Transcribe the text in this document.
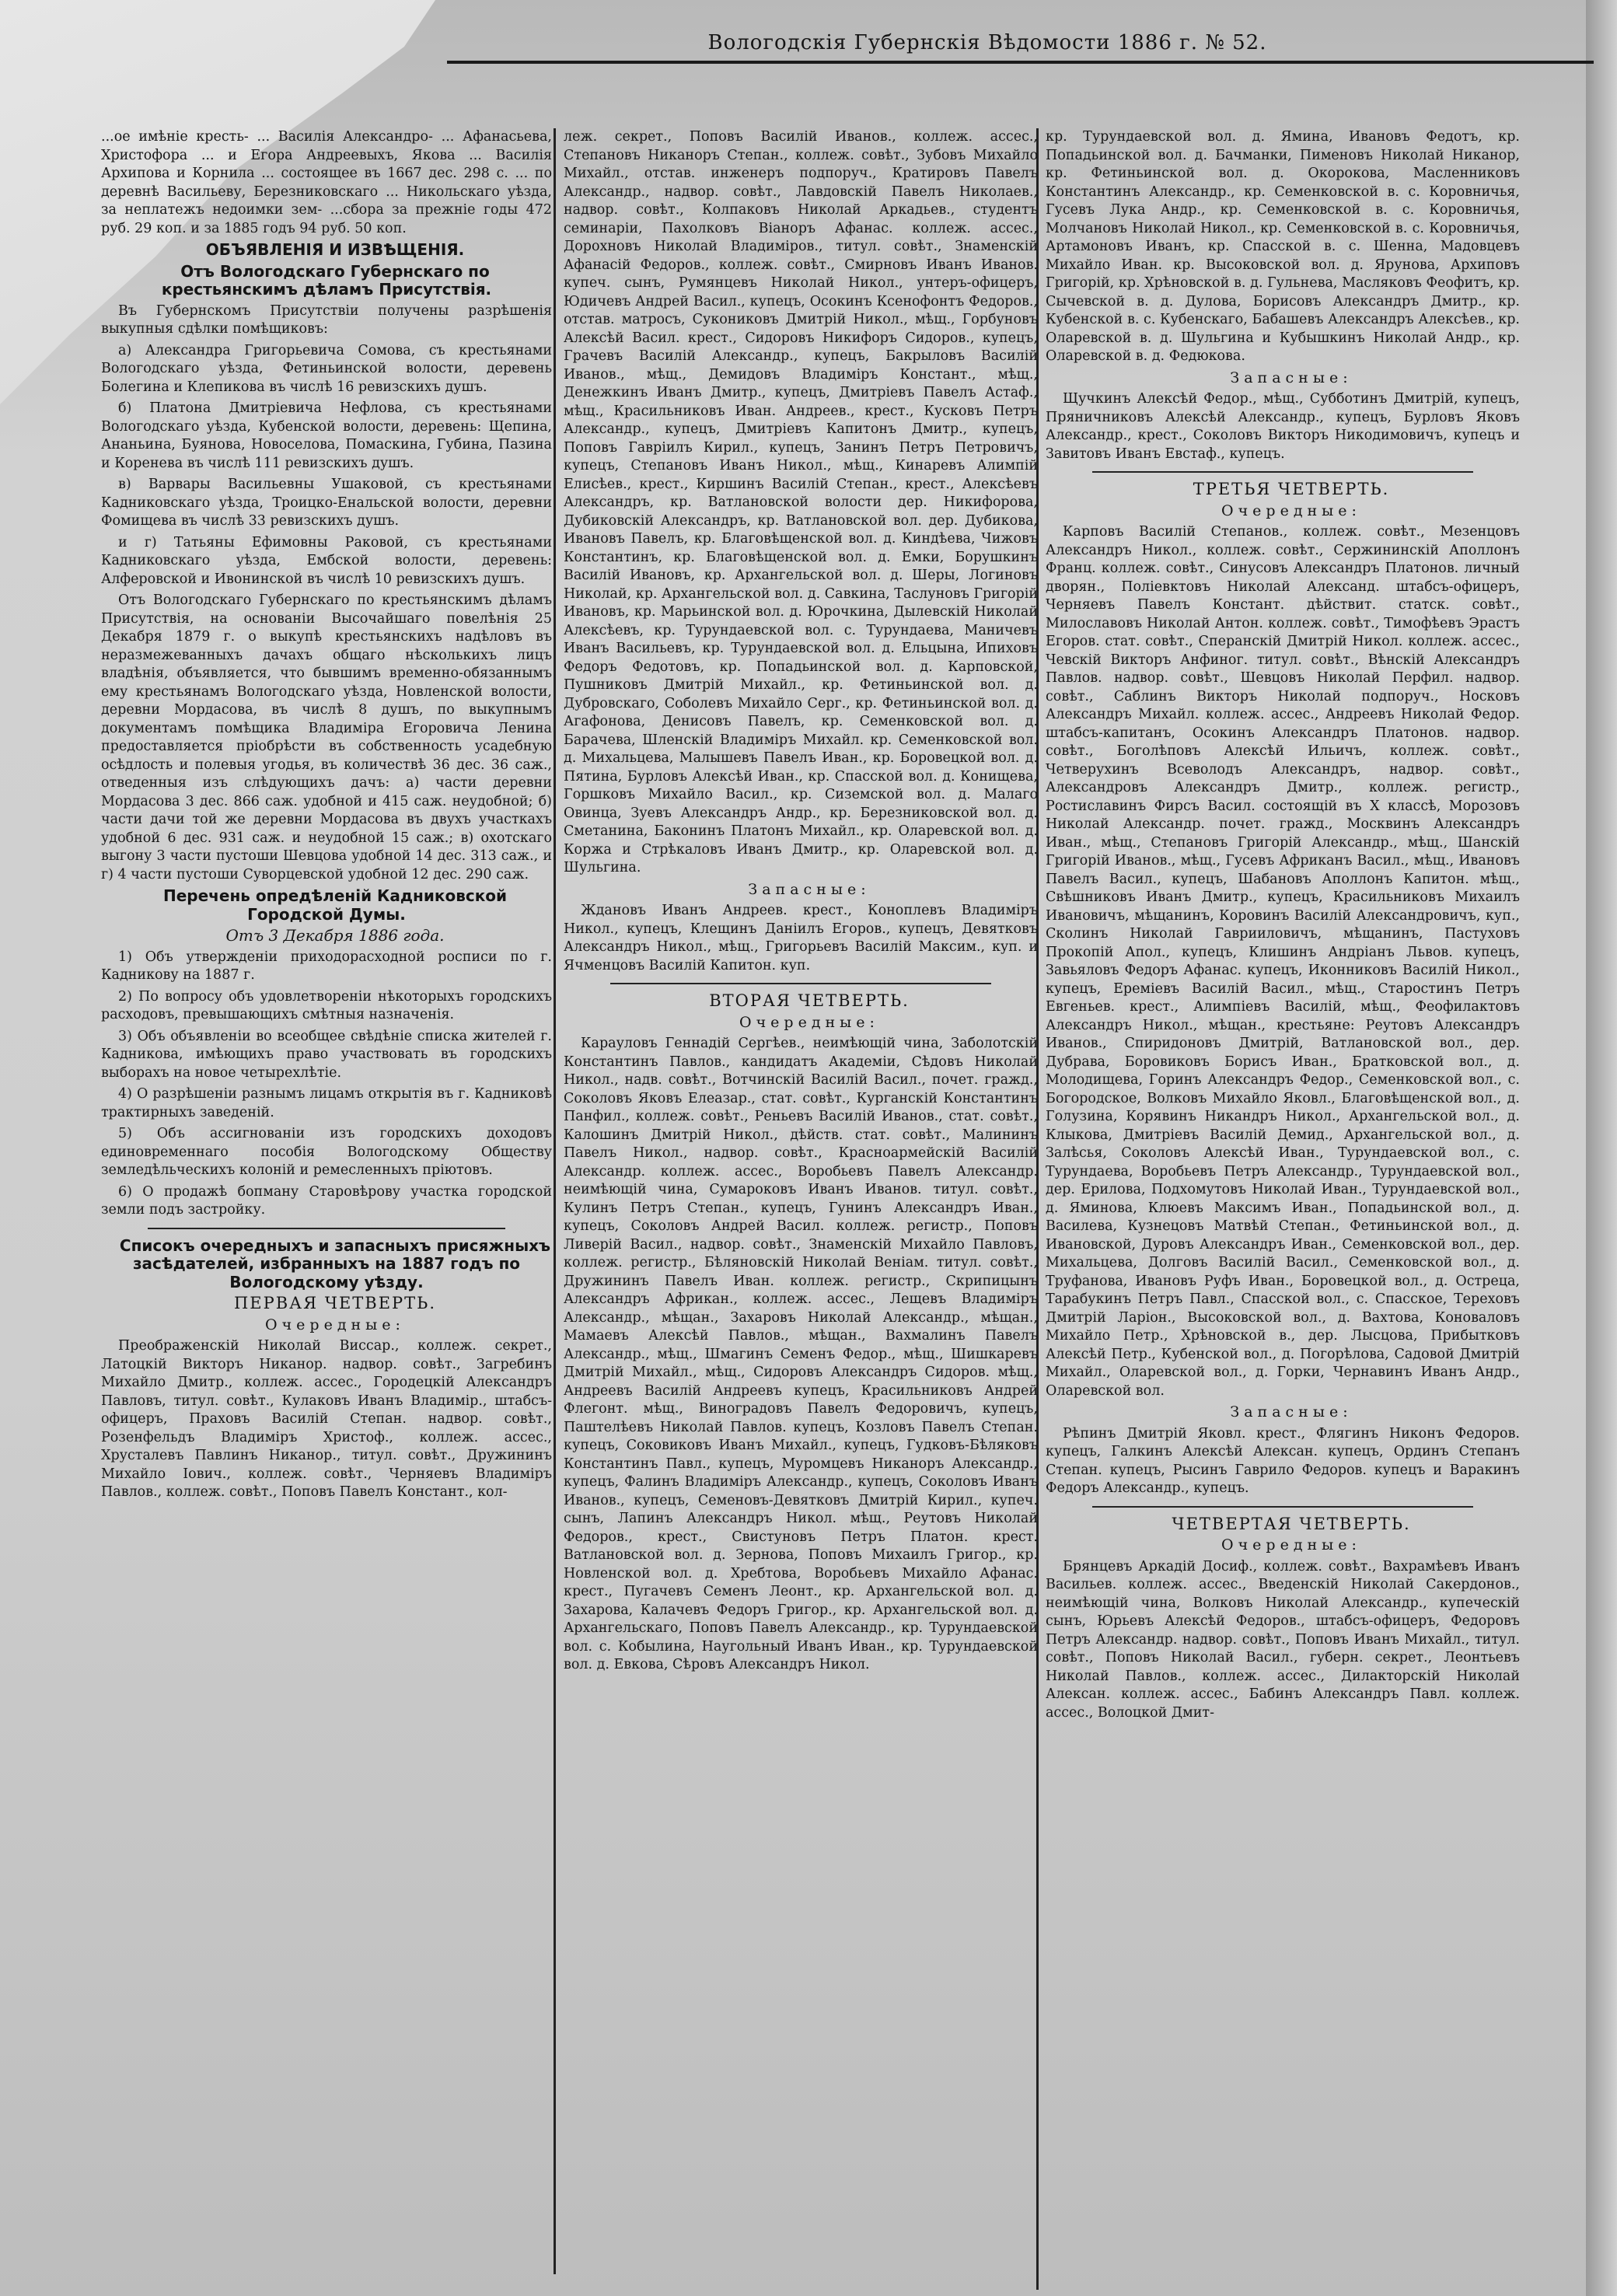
Вологодскія Губернскія Вѣдомости 1886 г. № 52.

...ое имѣніе кресть- ... Василія Александро- ... Афанасьева, Христофора ... и Егора Андреевыхъ, Якова ... Василія Архипова и Корнила ... состоящее въ 1667 дес. 298 с. ... по деревнѣ Васильеву, Березниковскаго ... Никольскаго уѣзда, за неплатежъ недоимки зем- ...сбора за прежніе годы 472 руб. 29 коп. и за 1885 годъ 94 руб. 50 коп.

ОБЪЯВЛЕНІЯ И ИЗВѢЩЕНІЯ.

Отъ Вологодскаго Губернскаго по крестьянскимъ дѣламъ Присутствія.

Въ Губернскомъ Присутствіи получены разрѣшенія выкупныя сдѣлки помѣщиковъ:

а) Александра Григорьевича Сомова, съ крестьянами Вологодскаго уѣзда, Фетиньинской волости, деревень Болегина и Клепикова въ числѣ 16 ревизскихъ душъ.

б) Платона Дмитріевича Нефлова, съ крестьянами Вологодскаго уѣзда, Кубенской волости, деревень: Щепина, Ананьина, Буянова, Новоселова, Помаскина, Губина, Пазина и Коренева въ числѣ 111 ревизскихъ душъ.

в) Варвары Васильевны Ушаковой, съ крестьянами Кадниковскаго уѣзда, Троицко-Енальской волости, деревни Фомищева въ числѣ 33 ревизскихъ душъ.

и г) Татьяны Ефимовны Раковой, съ крестьянами Кадниковскаго уѣзда, Ембской волости, деревень: Алферовской и Ивонинской въ числѣ 10 ревизскихъ душъ.

Отъ Вологодскаго Губернскаго по крестьянскимъ дѣламъ Присутствія, на основаніи Высочайшаго повелѣнія 25 Декабря 1879 г. о выкупѣ крестьянскихъ надѣловъ въ неразмежеванныхъ дачахъ общаго нѣсколькихъ лицъ владѣнія, объявляется, что бывшимъ временно-обязаннымъ ему крестьянамъ Вологодскаго уѣзда, Новленской волости, деревни Мордасова, въ числѣ 8 душъ, по выкупнымъ документамъ помѣщика Владиміра Егоровича Ленина предоставляется пріобрѣсти въ собственность усадебную осѣдлость и полевыя угодья, въ количествѣ 36 дес. 36 саж., отведенныя изъ слѣдующихъ дачъ: а) части деревни Мордасова 3 дес. 866 саж. удобной и 415 саж. неудобной; б) части дачи той же деревни Мордасова въ двухъ участкахъ удобной 6 дес. 931 саж. и неудобной 15 саж.; в) охотскаго выгону 3 части пустоши Шевцова удобной 14 дес. 313 саж., и г) 4 части пустоши Суворцевской удобной 12 дес. 290 саж.

Перечень опредѣленій Кадниковской Городской Думы.

Отъ 3 Декабря 1886 года.

1) Объ утвержденіи приходорасходной росписи по г. Кадникову на 1887 г.

2) По вопросу объ удовлетвореніи нѣкоторыхъ городскихъ расходовъ, превышающихъ смѣтныя назначенія.

3) Объ объявленіи во всеобщее свѣдѣніе списка жителей г. Кадникова, имѣющихъ право участвовать въ городскихъ выборахъ на новое четырехлѣтіе.

4) О разрѣшеніи разнымъ лицамъ открытія въ г. Кадниковѣ трактирныхъ заведеній.

5) Объ ассигнованіи изъ городскихъ доходовъ единовременнаго пособія Вологодскому Обществу земледѣльческихъ колоній и ремесленныхъ пріютовъ.

6) О продажѣ бопману Старовѣрову участка городской земли подъ застройку.

Списокъ очередныхъ и запасныхъ присяжныхъ засѣдателей, избранныхъ на 1887 годъ по Вологодскому уѣзду.

ПЕРВАЯ ЧЕТВЕРТЬ.

Очередные:

Преображенскій Николай Виссар., коллеж. секрет., Латоцкій Викторъ Никанор. надвор. совѣт., Загребинъ Михайло Дмитр., коллеж. ассес., Городецкій Александръ Павловъ, титул. совѣт., Кулаковъ Иванъ Владимір., штабсъ-офицеръ, Праховъ Василій Степан. надвор. совѣт., Розенфельдъ Владиміръ Христоф., коллеж. ассес., Хрусталевъ Павлинъ Никанор., титул. совѣт., Дружининъ Михайло Іович., коллеж. совѣт., Черняевъ Владиміръ Павлов., коллеж. совѣт., Поповъ Павелъ Констант., кол-

леж. секрет., Поповъ Василій Иванов., коллеж. ассес., Степановъ Никаноръ Степан., коллеж. совѣт., Зубовъ Михайло Михайл., отстав. инженеръ подпоруч., Кратировъ Павелъ Александр., надвор. совѣт., Лавдовскій Павелъ Николаев., надвор. совѣт., Колпаковъ Николай Аркадьев., студентъ семинаріи, Пахолковъ Віаноръ Афанас. коллеж. ассес., Дорохновъ Николай Владиміров., титул. совѣт., Знаменскій Афанасій Федоров., коллеж. совѣт., Смирновъ Иванъ Иванов. купеч. сынъ, Румянцевъ Николай Никол., унтеръ-офицеръ, Юдичевъ Андрей Васил., купецъ, Осокинъ Ксенофонтъ Федоров., отстав. матросъ, Сукониковъ Дмитрій Никол., мѣщ., Горбуновъ Алексѣй Васил. крест., Сидоровъ Никифоръ Сидоров., купецъ, Грачевъ Василій Александр., купецъ, Бакрыловъ Василій Иванов., мѣщ., Демидовъ Владиміръ Констант., мѣщ., Денежкинъ Иванъ Дмитр., купецъ, Дмитріевъ Павелъ Астаф., мѣщ., Красильниковъ Иван. Андреев., крест., Кусковъ Петръ Александр., купецъ, Дмитріевъ Капитонъ Дмитр., купецъ, Поповъ Гавріилъ Кирил., купецъ, Занинъ Петръ Петровичъ, купецъ, Степановъ Иванъ Никол., мѣщ., Кинаревъ Алимпій Елисѣев., крест., Киршинъ Василій Степан., крест., Алексѣевъ Александръ, кр. Ватлановской волости дер. Никифорова, Дубиковскій Александръ, кр. Ватлановской вол. дер. Дубикова, Ивановъ Павелъ, кр. Благовѣщенской вол. д. Киндѣева, Чижовъ Константинъ, кр. Благовѣщенской вол. д. Емки, Борушкинъ Василій Ивановъ, кр. Архангельской вол. д. Шеры, Логиновъ Николай, кр. Архангельской вол. д. Савкина, Таслуновъ Григорій Ивановъ, кр. Марьинской вол. д. Юрочкина, Дылевскій Николай Алексѣевъ, кр. Турундаевской вол. с. Турундаева, Маничевъ Иванъ Васильевъ, кр. Турундаевской вол. д. Ельцына, Ипиховъ Федоръ Федотовъ, кр. Попадьинской вол. д. Карповской, Пушниковъ Дмитрій Михайл., кр. Фетиньинской вол. д. Дубровскаго, Соболевъ Михайло Серг., кр. Фетиньинской вол. д. Агафонова, Денисовъ Павелъ, кр. Семенковской вол. д. Барачева, Шленскій Владиміръ Михайл. кр. Семенковской вол. д. Михальцева, Малышевъ Павелъ Иван., кр. Боровецкой вол. д. Пятина, Бурловъ Алексѣй Иван., кр. Спасской вол. д. Конищева, Горшковъ Михайло Васил., кр. Сиземской вол. д. Малаго Овинца, Зуевъ Александръ Андр., кр. Березниковской вол. д. Сметанина, Баконинъ Платонъ Михайл., кр. Оларевской вол. д. Коржа и Стрѣкаловъ Иванъ Дмитр., кр. Оларевской вол. д. Шульгина.

Запасные:

Ждановъ Иванъ Андреев. крест., Коноплевъ Владиміръ Никол., купецъ, Клещинъ Даніилъ Егоров., купецъ, Девятковъ Александръ Никол., мѣщ., Григорьевъ Василій Максим., куп. и Ячменцовъ Василій Капитон. куп.

ВТОРАЯ ЧЕТВЕРТЬ.

Очередные:

Карауловъ Геннадій Сергѣев., неимѣющій чина, Заболотскій Константинъ Павлов., кандидатъ Академіи, Сѣдовъ Николай Никол., надв. совѣт., Вотчинскій Василій Васил., почет. гражд., Соколовъ Яковъ Елеазар., стат. совѣт., Курганскій Константинъ Панфил., коллеж. совѣт., Реньевъ Василій Иванов., стат. совѣт., Калошинъ Дмитрій Никол., дѣйств. стат. совѣт., Малининъ Павелъ Никол., надвор. совѣт., Красноармейскій Василій Александр. коллеж. ассес., Воробьевъ Павелъ Александр. неимѣющій чина, Сумароковъ Иванъ Иванов. титул. совѣт., Кулинъ Петръ Степан., купецъ, Гунинъ Александръ Иван., купецъ, Соколовъ Андрей Васил. коллеж. регистр., Поповъ Ливерій Васил., надвор. совѣт., Знаменскій Михайло Павловъ, коллеж. регистр., Бѣляновскій Николай Веніам. титул. совѣт., Дружининъ Павелъ Иван. коллеж. регистр., Скрипицынъ Александръ Африкан., коллеж. ассес., Лещевъ Владиміръ Александр., мѣщан., Захаровъ Николай Александр., мѣщан., Мамаевъ Алексѣй Павлов., мѣщан., Вахмалинъ Павелъ Александр., мѣщ., Шмагинъ Семенъ Федор., мѣщ., Шишкаревъ Дмитрій Михайл., мѣщ., Сидоровъ Александръ Сидоров. мѣщ., Андреевъ Василій Андреевъ купецъ, Красильниковъ Андрей Флегонт. мѣщ., Виноградовъ Павелъ Федоровичъ, купецъ, Паштелѣевъ Николай Павлов. купецъ, Козловъ Павелъ Степан. купецъ, Соковиковъ Иванъ Михайл., купецъ, Гудковъ-Бѣляковъ Константинъ Павл., купецъ, Муромцевъ Никаноръ Александр., купецъ, Фалинъ Владиміръ Александр., купецъ, Соколовъ Иванъ Иванов., купецъ, Семеновъ-Девятковъ Дмитрій Кирил., купеч. сынъ, Лапинъ Александръ Никол. мѣщ., Реутовъ Николай Федоров., крест., Свистуновъ Петръ Платон. крест. Ватлановской вол. д. Зернова, Поповъ Михаилъ Григор., кр. Новленской вол. д. Хребтова, Воробьевъ Михайло Афанас. крест., Пугачевъ Семенъ Леонт., кр. Архангельской вол. д. Захарова, Калачевъ Федоръ Григор., кр. Архангельской вол. д. Архангельскаго, Поповъ Павелъ Александр., кр. Турундаевской вол. с. Кобылина, Наугольный Иванъ Иван., кр. Турундаевской вол. д. Евкова, Сѣровъ Александръ Никол.

кр. Турундаевской вол. д. Ямина, Ивановъ Федотъ, кр. Попадьинской вол. д. Бачманки, Пименовъ Николай Никанор, кр. Фетиньинской вол. д. Окорокова, Масленниковъ Константинъ Александр., кр. Семенковской в. с. Коровничья, Гусевъ Лука Андр., кр. Семенковской в. с. Коровничья, Молчановъ Николай Никол., кр. Семенковской в. с. Коровничья, Артамоновъ Иванъ, кр. Спасской в. с. Шенна, Мадовцевъ Михайло Иван. кр. Высоковской вол. д. Ярунова, Архиповъ Григорій, кр. Хрѣновской в. д. Гульнева, Масляковъ Феофитъ, кр. Сычевской в. д. Дулова, Борисовъ Александръ Дмитр., кр. Кубенской в. с. Кубенскаго, Бабашевъ Александръ Алексѣев., кр. Оларевской в. д. Шульгина и Кубышкинъ Николай Андр., кр. Оларевской в. д. Федюкова.

Запасные:

Щучкинъ Алексѣй Федор., мѣщ., Субботинъ Дмитрій, купецъ, Пряничниковъ Алексѣй Александр., купецъ, Бурловъ Яковъ Александр., крест., Соколовъ Викторъ Никодимовичъ, купецъ и Завитовъ Иванъ Евстаф., купецъ.

ТРЕТЬЯ ЧЕТВЕРТЬ.

Очередные:

Карповъ Василій Степанов., коллеж. совѣт., Мезенцовъ Александръ Никол., коллеж. совѣт., Сержининскій Аполлонъ Франц. коллеж. совѣт., Синусовъ Александръ Платонов. личный дворян., Поліевктовъ Николай Александ. штабсъ-офицеръ, Черняевъ Павелъ Констант. дѣйствит. статск. совѣт., Милославовъ Николай Антон. коллеж. совѣт., Тимофѣевъ Эрастъ Егоров. стат. совѣт., Сперанскій Дмитрій Никол. коллеж. ассес., Чевскій Викторъ Анфиног. титул. совѣт., Вѣнскій Александръ Павлов. надвор. совѣт., Шевцовъ Николай Перфил. надвор. совѣт., Саблинъ Викторъ Николай подпоруч., Носковъ Александръ Михайл. коллеж. ассес., Андреевъ Николай Федор. штабсъ-капитанъ, Осокинъ Александръ Платонов. надвор. совѣт., Боголѣповъ Алексѣй Ильичъ, коллеж. совѣт., Четверухинъ Всеволодъ Александръ, надвор. совѣт., Александровъ Александръ Дмитр., коллеж. регистр., Ростиславинъ Фирсъ Васил. состоящій въ X классѣ, Морозовъ Николай Александр. почет. гражд., Москвинъ Александръ Иван., мѣщ., Степановъ Григорій Александр., мѣщ., Шанскій Григорій Иванов., мѣщ., Гусевъ Африканъ Васил., мѣщ., Ивановъ Павелъ Васил., купецъ, Шабановъ Аполлонъ Капитон. мѣщ., Свѣшниковъ Иванъ Дмитр., купецъ, Красильниковъ Михаилъ Ивановичъ, мѣщанинъ, Коровинъ Василій Александровичъ, куп., Сколинъ Николай Гаврииловичъ, мѣщанинъ, Пастуховъ Прокопій Апол., купецъ, Клишинъ Андріанъ Львов. купецъ, Завьяловъ Федоръ Афанас. купецъ, Иконниковъ Василій Никол., купецъ, Ереміевъ Василій Васил., мѣщ., Старостинъ Петръ Евгеньев. крест., Алимпіевъ Василій, мѣщ., Феофилактовъ Александръ Никол., мѣщан., крестьяне: Реутовъ Александръ Иванов., Спиридоновъ Дмитрій, Ватлановской вол., дер. Дубрава, Боровиковъ Борисъ Иван., Братковской вол., д. Молодищева, Горинъ Александръ Федор., Семенковской вол., с. Богородское, Волковъ Михайло Яковл., Благовѣщенской вол., д. Голузина, Корявинъ Никандръ Никол., Архангельской вол., д. Клыкова, Дмитріевъ Василій Демид., Архангельской вол., д. Залѣсья, Соколовъ Алексѣй Иван., Турундаевской вол., с. Турундаева, Воробьевъ Петръ Александр., Турундаевской вол., дер. Ерилова, Подхомутовъ Николай Иван., Турундаевской вол., д. Яминова, Клюевъ Максимъ Иван., Попадьинской вол., д. Василева, Кузнецовъ Матвѣй Степан., Фетиньинской вол., д. Ивановской, Дуровъ Александръ Иван., Семенковской вол., дер. Михальцева, Долговъ Василій Васил., Семенковской вол., д. Труфанова, Ивановъ Руфъ Иван., Боровецкой вол., д. Остреца, Тарабукинъ Петръ Павл., Спасской вол., с. Спасское, Тереховъ Дмитрій Ларіон., Высоковской вол., д. Вахтова, Коноваловъ Михайло Петр., Хрѣновской в., дер. Лысцова, Прибытковъ Алексѣй Петр., Кубенской вол., д. Погорѣлова, Садовой Дмитрій Михайл., Оларевской вол., д. Горки, Чернавинъ Иванъ Андр., Оларевской вол.

Запасные:

Рѣпинъ Дмитрій Яковл. крест., Флягинъ Никонъ Федоров. купецъ, Галкинъ Алексѣй Алексан. купецъ, Ординъ Степанъ Степан. купецъ, Рысинъ Гаврило Федоров. купецъ и Варакинъ Федоръ Александр., купецъ.

ЧЕТВЕРТАЯ ЧЕТВЕРТЬ.

Очередные:

Брянцевъ Аркадій Досиф., коллеж. совѣт., Вахрамѣевъ Иванъ Васильев. коллеж. ассес., Введенскій Николай Сакердонов., неимѣющій чина, Волковъ Николай Александр., купеческій сынъ, Юрьевъ Алексѣй Федоров., штабсъ-офицеръ, Федоровъ Петръ Александр. надвор. совѣт., Поповъ Иванъ Михайл., титул. совѣт., Поповъ Николай Васил., губерн. секрет., Леонтьевъ Николай Павлов., коллеж. ассес., Дилакторскій Николай Алексан. коллеж. ассес., Бабинъ Александръ Павл. коллеж. ассес., Волоцкой Дмит-
